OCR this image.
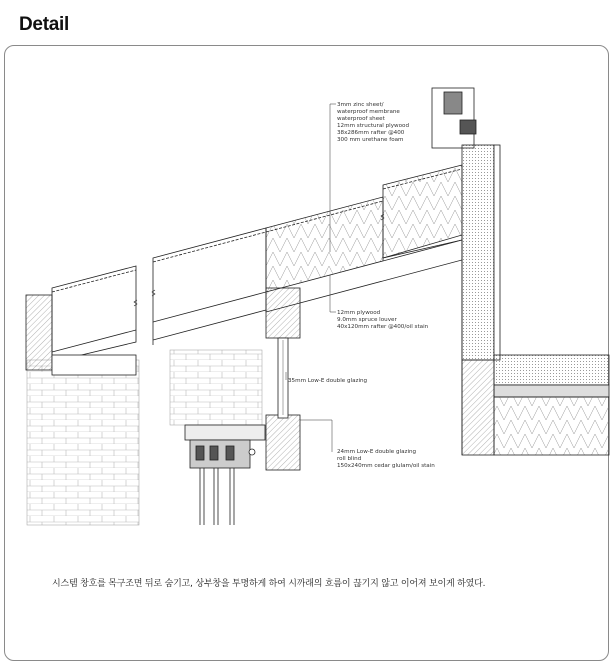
Detail
3mm zinc sheet/
waterproof membrane
waterproof sheet
12mm structural plywood
38x286mm rafter @400
300 mm urethane foam
12mm plywood
9.0mm spruce louver
40x120mm rafter @400/oil stain
35mm Low-E double glazing
24mm Low-E double glazing
roll blind
150x240mm cedar glulam/oil stain
시스템 창호를 목구조면 뒤로 숨기고, 상부창을 투명하게 하여 시까래의 흐름이 끊기지 않고 이어져 보이게 하였다.
